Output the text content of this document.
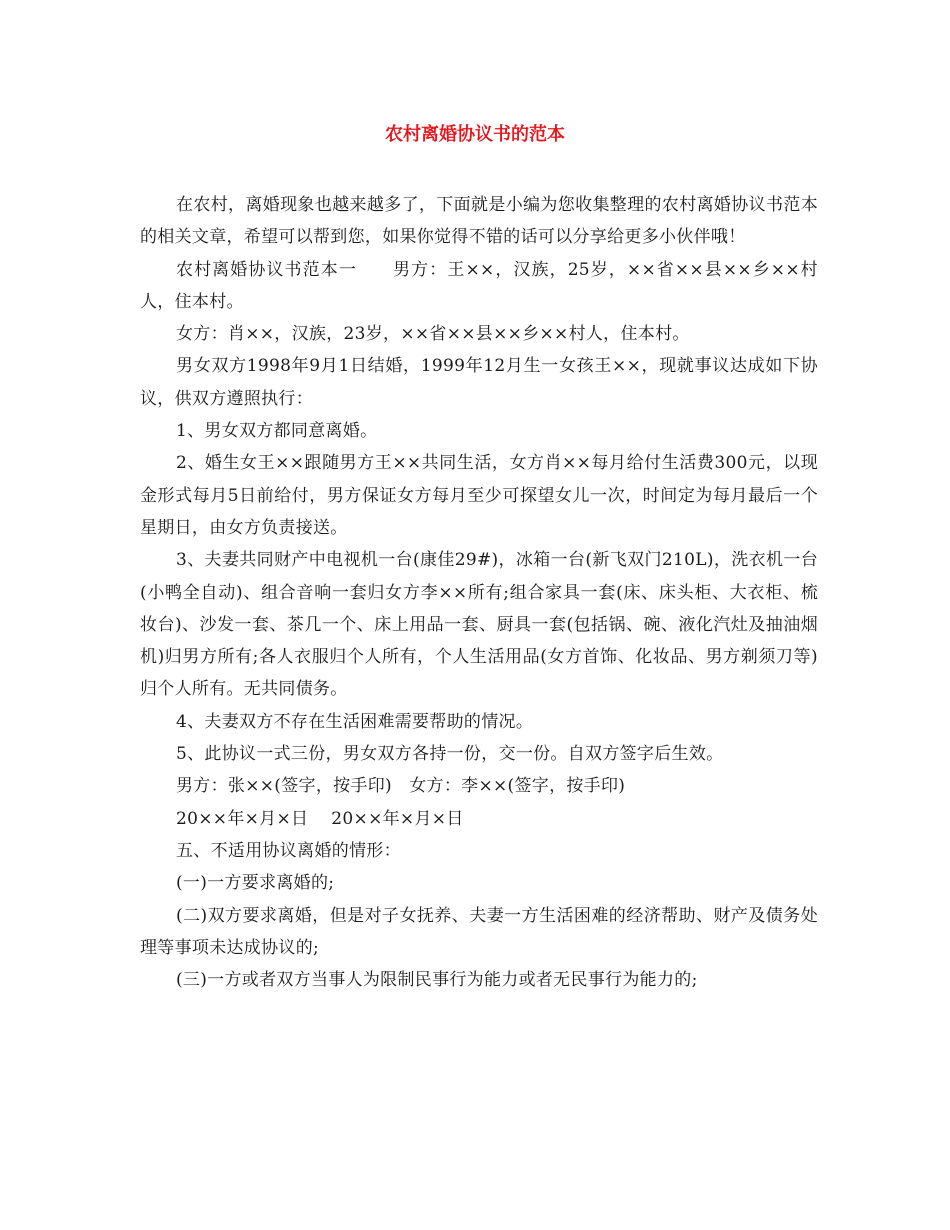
农村离婚协议书的范本

在农村，离婚现象也越来越多了，下面就是小编为您收集整理的农村离婚协议书范本的相关文章，希望可以帮到您，如果你觉得不错的话可以分享给更多小伙伴哦！

农村离婚协议书范本一　　男方：王××，汉族，25岁，××省××县××乡××村人，住本村。

女方：肖××，汉族，23岁，××省××县××乡××村人，住本村。

男女双方1998年9月1日结婚，1999年12月生一女孩王××，现就事议达成如下协议，供双方遵照执行：

1、男女双方都同意离婚。

2、婚生女王××跟随男方王××共同生活，女方肖××每月给付生活费300元，以现金形式每月5日前给付，男方保证女方每月至少可探望女儿一次，时间定为每月最后一个星期日，由女方负责接送。

3、夫妻共同财产中电视机一台(康佳29#)，冰箱一台(新飞双门210L)，洗衣机一台(小鸭全自动)、组合音响一套归女方李××所有;组合家具一套(床、床头柜、大衣柜、梳妆台)、沙发一套、茶几一个、床上用品一套、厨具一套(包括锅、碗、液化汽灶及抽油烟机)归男方所有;各人衣服归个人所有，个人生活用品(女方首饰、化妆品、男方剃须刀等)归个人所有。无共同债务。

4、夫妻双方不存在生活困难需要帮助的情况。

5、此协议一式三份，男女双方各持一份，交一份。自双方签字后生效。

男方：张××(签字，按手印)　女方：李××(签字，按手印)

20××年×月×日　 20××年×月×日

五、不适用协议离婚的情形：

(一)一方要求离婚的;

(二)双方要求离婚，但是对子女抚养、夫妻一方生活困难的经济帮助、财产及债务处理等事项未达成协议的;

(三)一方或者双方当事人为限制民事行为能力或者无民事行为能力的;
